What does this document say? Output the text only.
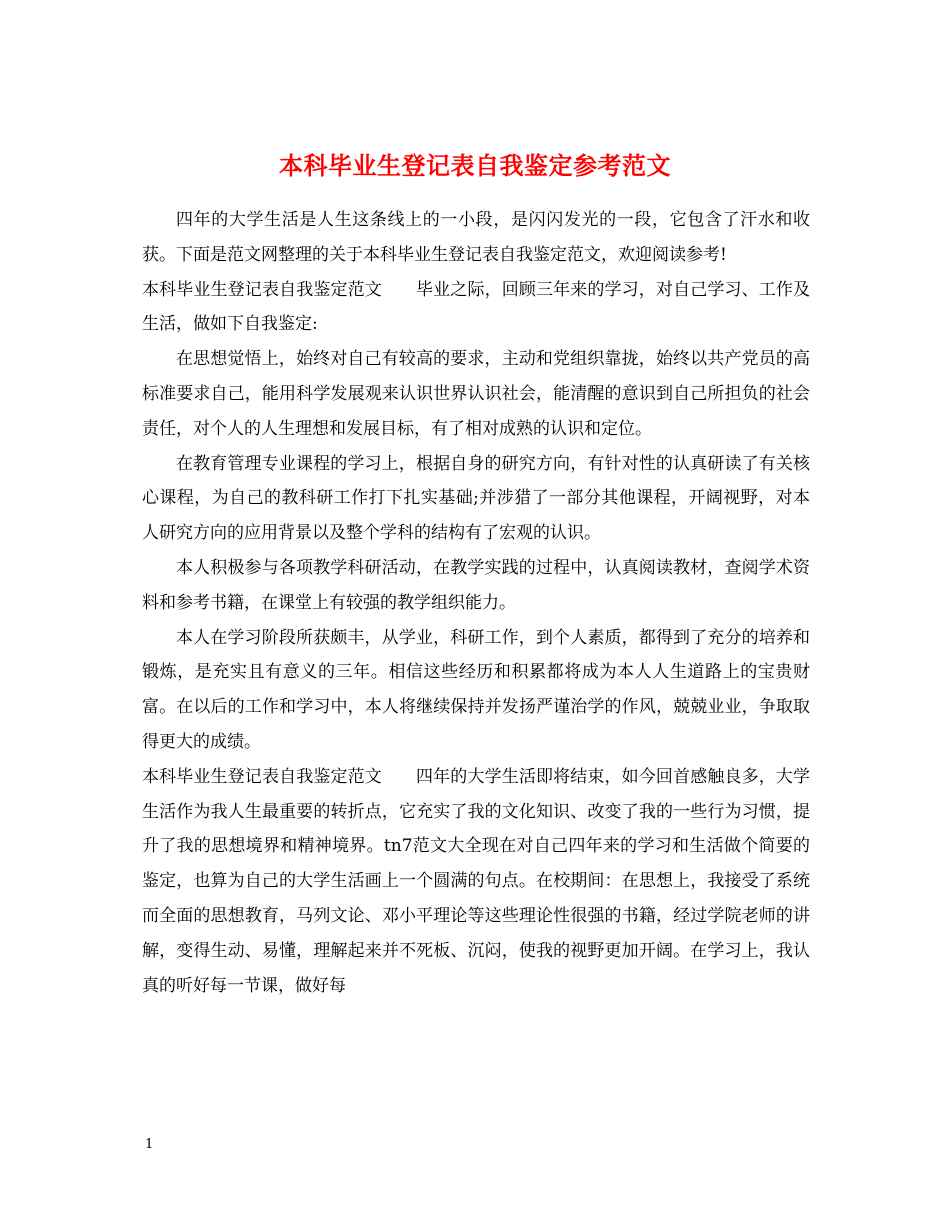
本科毕业生登记表自我鉴定参考范文

四年的大学生活是人生这条线上的一小段，是闪闪发光的一段，它包含了汗水和收获。下面是范文网整理的关于本科毕业生登记表自我鉴定范文，欢迎阅读参考!

本科毕业生登记表自我鉴定范文 毕业之际，回顾三年来的学习，对自己学习、工作及生活，做如下自我鉴定:

在思想觉悟上，始终对自己有较高的要求，主动和党组织靠拢，始终以共产党员的高标准要求自己，能用科学发展观来认识世界认识社会，能清醒的意识到自己所担负的社会责任，对个人的人生理想和发展目标，有了相对成熟的认识和定位。

在教育管理专业课程的学习上，根据自身的研究方向，有针对性的认真研读了有关核心课程，为自己的教科研工作打下扎实基础;并涉猎了一部分其他课程，开阔视野，对本人研究方向的应用背景以及整个学科的结构有了宏观的认识。

本人积极参与各项教学科研活动，在教学实践的过程中，认真阅读教材，查阅学术资料和参考书籍，在课堂上有较强的教学组织能力。

本人在学习阶段所获颇丰，从学业，科研工作，到个人素质，都得到了充分的培养和锻炼，是充实且有意义的三年。相信这些经历和积累都将成为本人人生道路上的宝贵财富。在以后的工作和学习中，本人将继续保持并发扬严谨治学的作风，兢兢业业，争取取得更大的成绩。

本科毕业生登记表自我鉴定范文 四年的大学生活即将结束，如今回首感触良多，大学生活作为我人生最重要的转折点，它充实了我的文化知识、改变了我的一些行为习惯，提升了我的思想境界和精神境界。tn7范文大全现在对自己四年来的学习和生活做个简要的鉴定，也算为自己的大学生活画上一个圆满的句点。在校期间：在思想上，我接受了系统而全面的思想教育，马列文论、邓小平理论等这些理论性很强的书籍，经过学院老师的讲解，变得生动、易懂，理解起来并不死板、沉闷，使我的视野更加开阔。在学习上，我认真的听好每一节课，做好每

1
